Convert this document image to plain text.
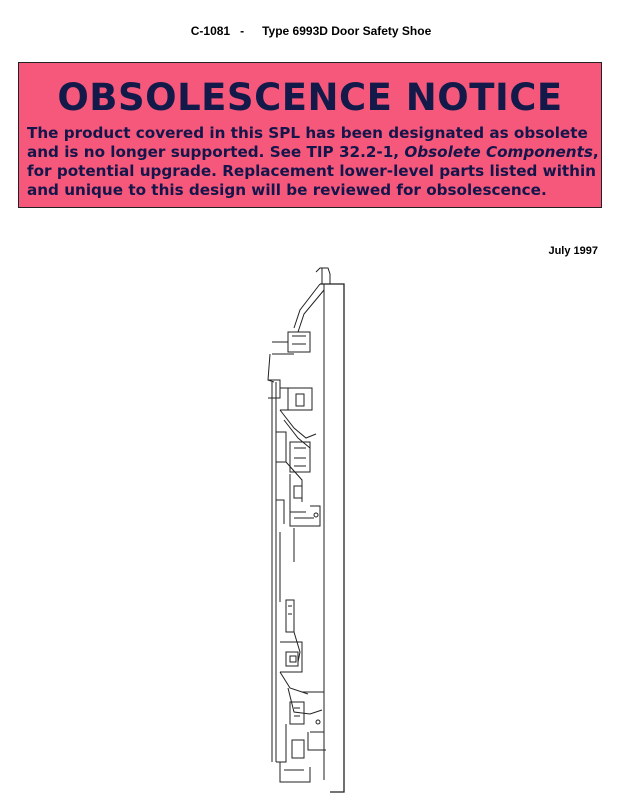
C-1081 - Type 6993D Door Safety Shoe
OBSOLESCENCE NOTICE
The product covered in this SPL has been designated as obsolete and is no longer supported. See TIP 32.2-1, Obsolete Components, for potential upgrade. Replacement lower-level parts listed within and unique to this design will be reviewed for obsolescence.
July 1997
